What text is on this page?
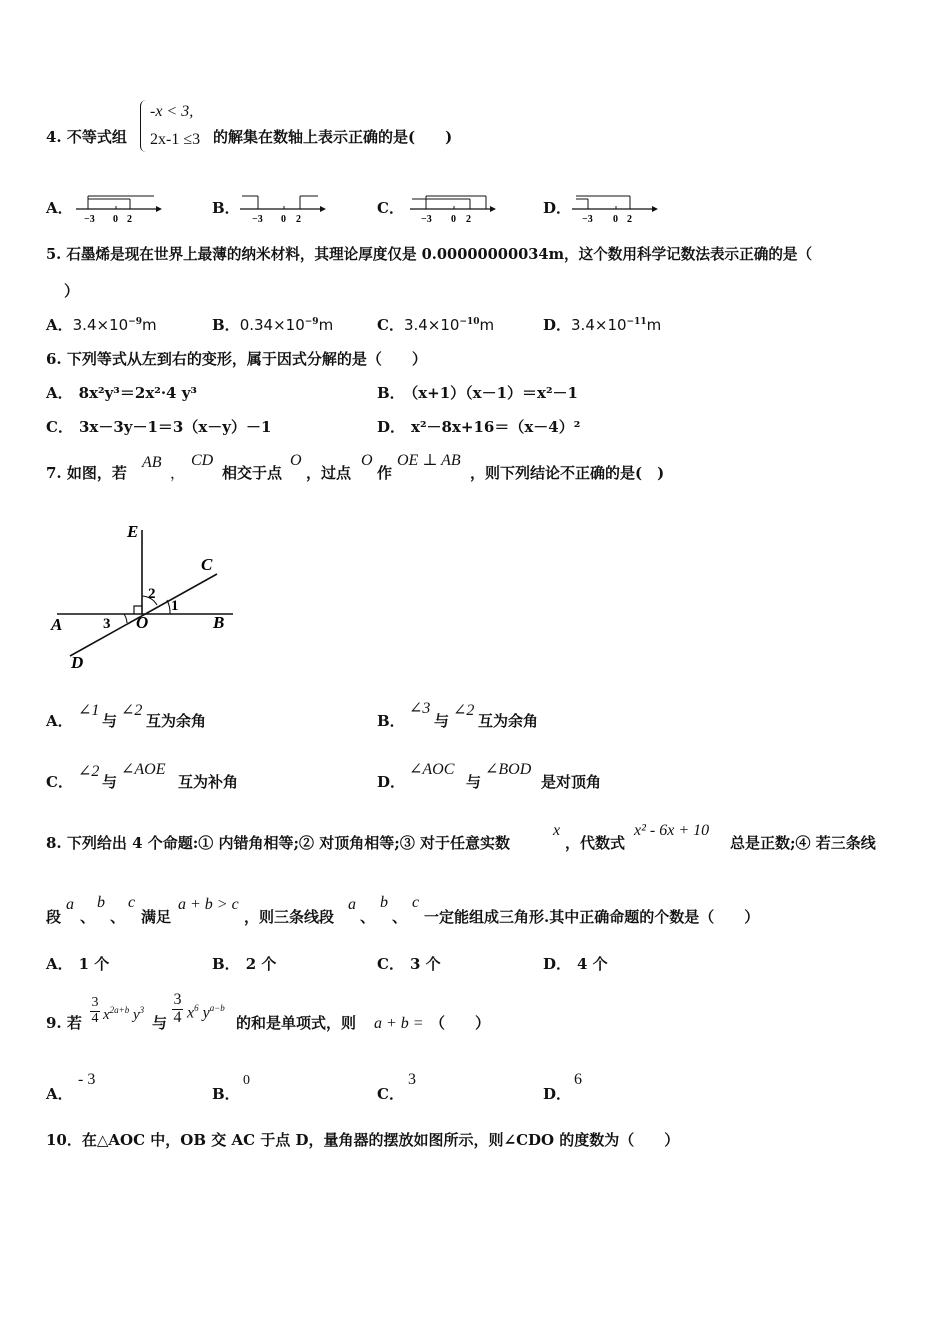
4. 不等式组
-x < 3,
2x-1 ≤3 的解集在数轴上表示正确的是(　　)
A．
−3 0 2
B．
−3 0 2
C．
−3 0 2
D．
−3 0 2
5. 石墨烯是现在世界上最薄的纳米材料，其理论厚度仅是 0.00000000034m，这个数用科学记数法表示正确的是（
）
A．$3.4\times 10^{-9}m$	B．$0.34\times 10^{-9}m$	C．$3.4\times 10^{-10}m$	D．$3.4\times 10^{-11}m$
6. 下列等式从左到右的变形，属于因式分解的是（　　）
A． 8x²y³＝2x²·4 y³	B． （x+1）（x－1）＝x²－1
C． 3x－3y－1＝3（x－y）－1	D． x²－8x+16＝（x－4）²
7. 如图，若
AB
，
CD
相交于点
O
，过点
O
作
OE ⊥ AB
，则下列结论不正确的是(　)
E
C
2
1
A	3 O	B
D
A．
∠1
与
∠2
互为余角	B．
∠3
与
∠2
互为余角
C．
∠2
与
∠AOE
互为补角	D．
∠AOC
与
∠BOD
是对顶角
8. 下列给出 4 个命题:① 内错角相等;② 对顶角相等;③ 对于任意实数
x
，代数式
x² - 6x + 10
总是正数;④ 若三条线
段
a
、
b
、
c
满足
a + b > c
，则三条线段
a
、
b
、
c
一定能组成三角形.其中正确命题的个数是（　　）
A． 1 个	B． 2 个	C． 3 个	D． 4 个
9. 若
3
4 $x^{2a+b}$ $y^3$
与
3
4 $x^6$ $y^{a-b}$
的和是单项式，则 a + b = （　　）
A．
- 3
B．
0
C．
3
D．
6
10．在△AOC 中，OB 交 AC 于点 D，量角器的摆放如图所示，则∠CDO 的度数为（　　）
